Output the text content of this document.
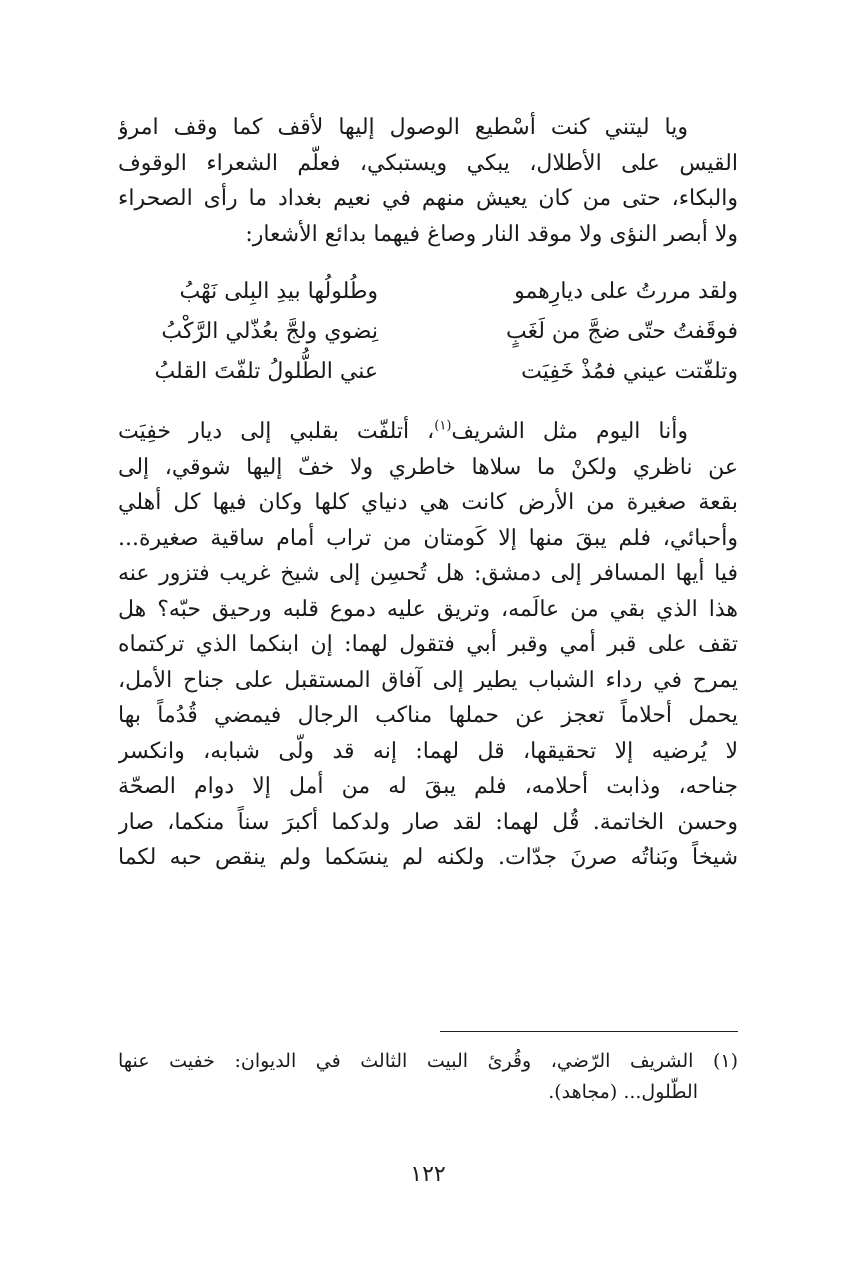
ويا ليتني كنت أسْطيع الوصول إليها لأقف كما وقف امرؤ
القيس على الأطلال، يبكي ويستبكي، فعلّم الشعراء الوقوف
والبكاء، حتى من كان يعيش منهم في نعيم بغداد ما رأى الصحراء
ولا أبصر النؤى ولا موقد النار وصاغ فيهما بدائع الأشعار:

ولقد مررتُ على ديارِهمو
وطُلولُها بيدِ البِلى نَهْبُ
فوقَفتُ حتّى ضجَّ من لَغَبٍ
نِضوي ولجَّ بعُذّلي الرَّكْبُ
وتلفّتت عيني فمُذْ خَفِيَت
عني الطُّلولُ تلفّتَ القلبُ

وأنا اليوم مثل الشريف$^{(١)}$، أتلفّت بقلبي إلى ديار خفِيَت
عن ناظري ولكنْ ما سلاها خاطري ولا خفّ إليها شوقي، إلى
بقعة صغيرة من الأرض كانت هي دنياي كلها وكان فيها كل أهلي
وأحبائي، فلم يبقَ منها إلا كَومتان من تراب أمام ساقية صغيرة...
فيا أيها المسافر إلى دمشق: هل تُحسِن إلى شيخ غريب فتزور عنه
هذا الذي بقي من عالَمه، وتريق عليه دموع قلبه ورحيق حبّه؟ هل
تقف على قبر أمي وقبر أبي فتقول لهما: إن ابنكما الذي تركتماه
يمرح في رداء الشباب يطير إلى آفاق المستقبل على جناح الأمل،
يحمل أحلاماً تعجز عن حملها مناكب الرجال فيمضي قُدُماً بها
لا يُرضيه إلا تحقيقها، قل لهما: إنه قد ولّى شبابه، وانكسر
جناحه، وذابت أحلامه، فلم يبقَ له من أمل إلا دوام الصحّة
وحسن الخاتمة. قُل لهما: لقد صار ولدكما أكبرَ سناً منكما، صار
شيخاً وبَناتُه صرنَ جدّات. ولكنه لم ينسَكما ولم ينقص حبه لكما

(١) الشريف الرّضي، وقُرئ البيت الثالث في الديوان: خفيت عنها
الطّلول... (مجاهد).
١٢٢
